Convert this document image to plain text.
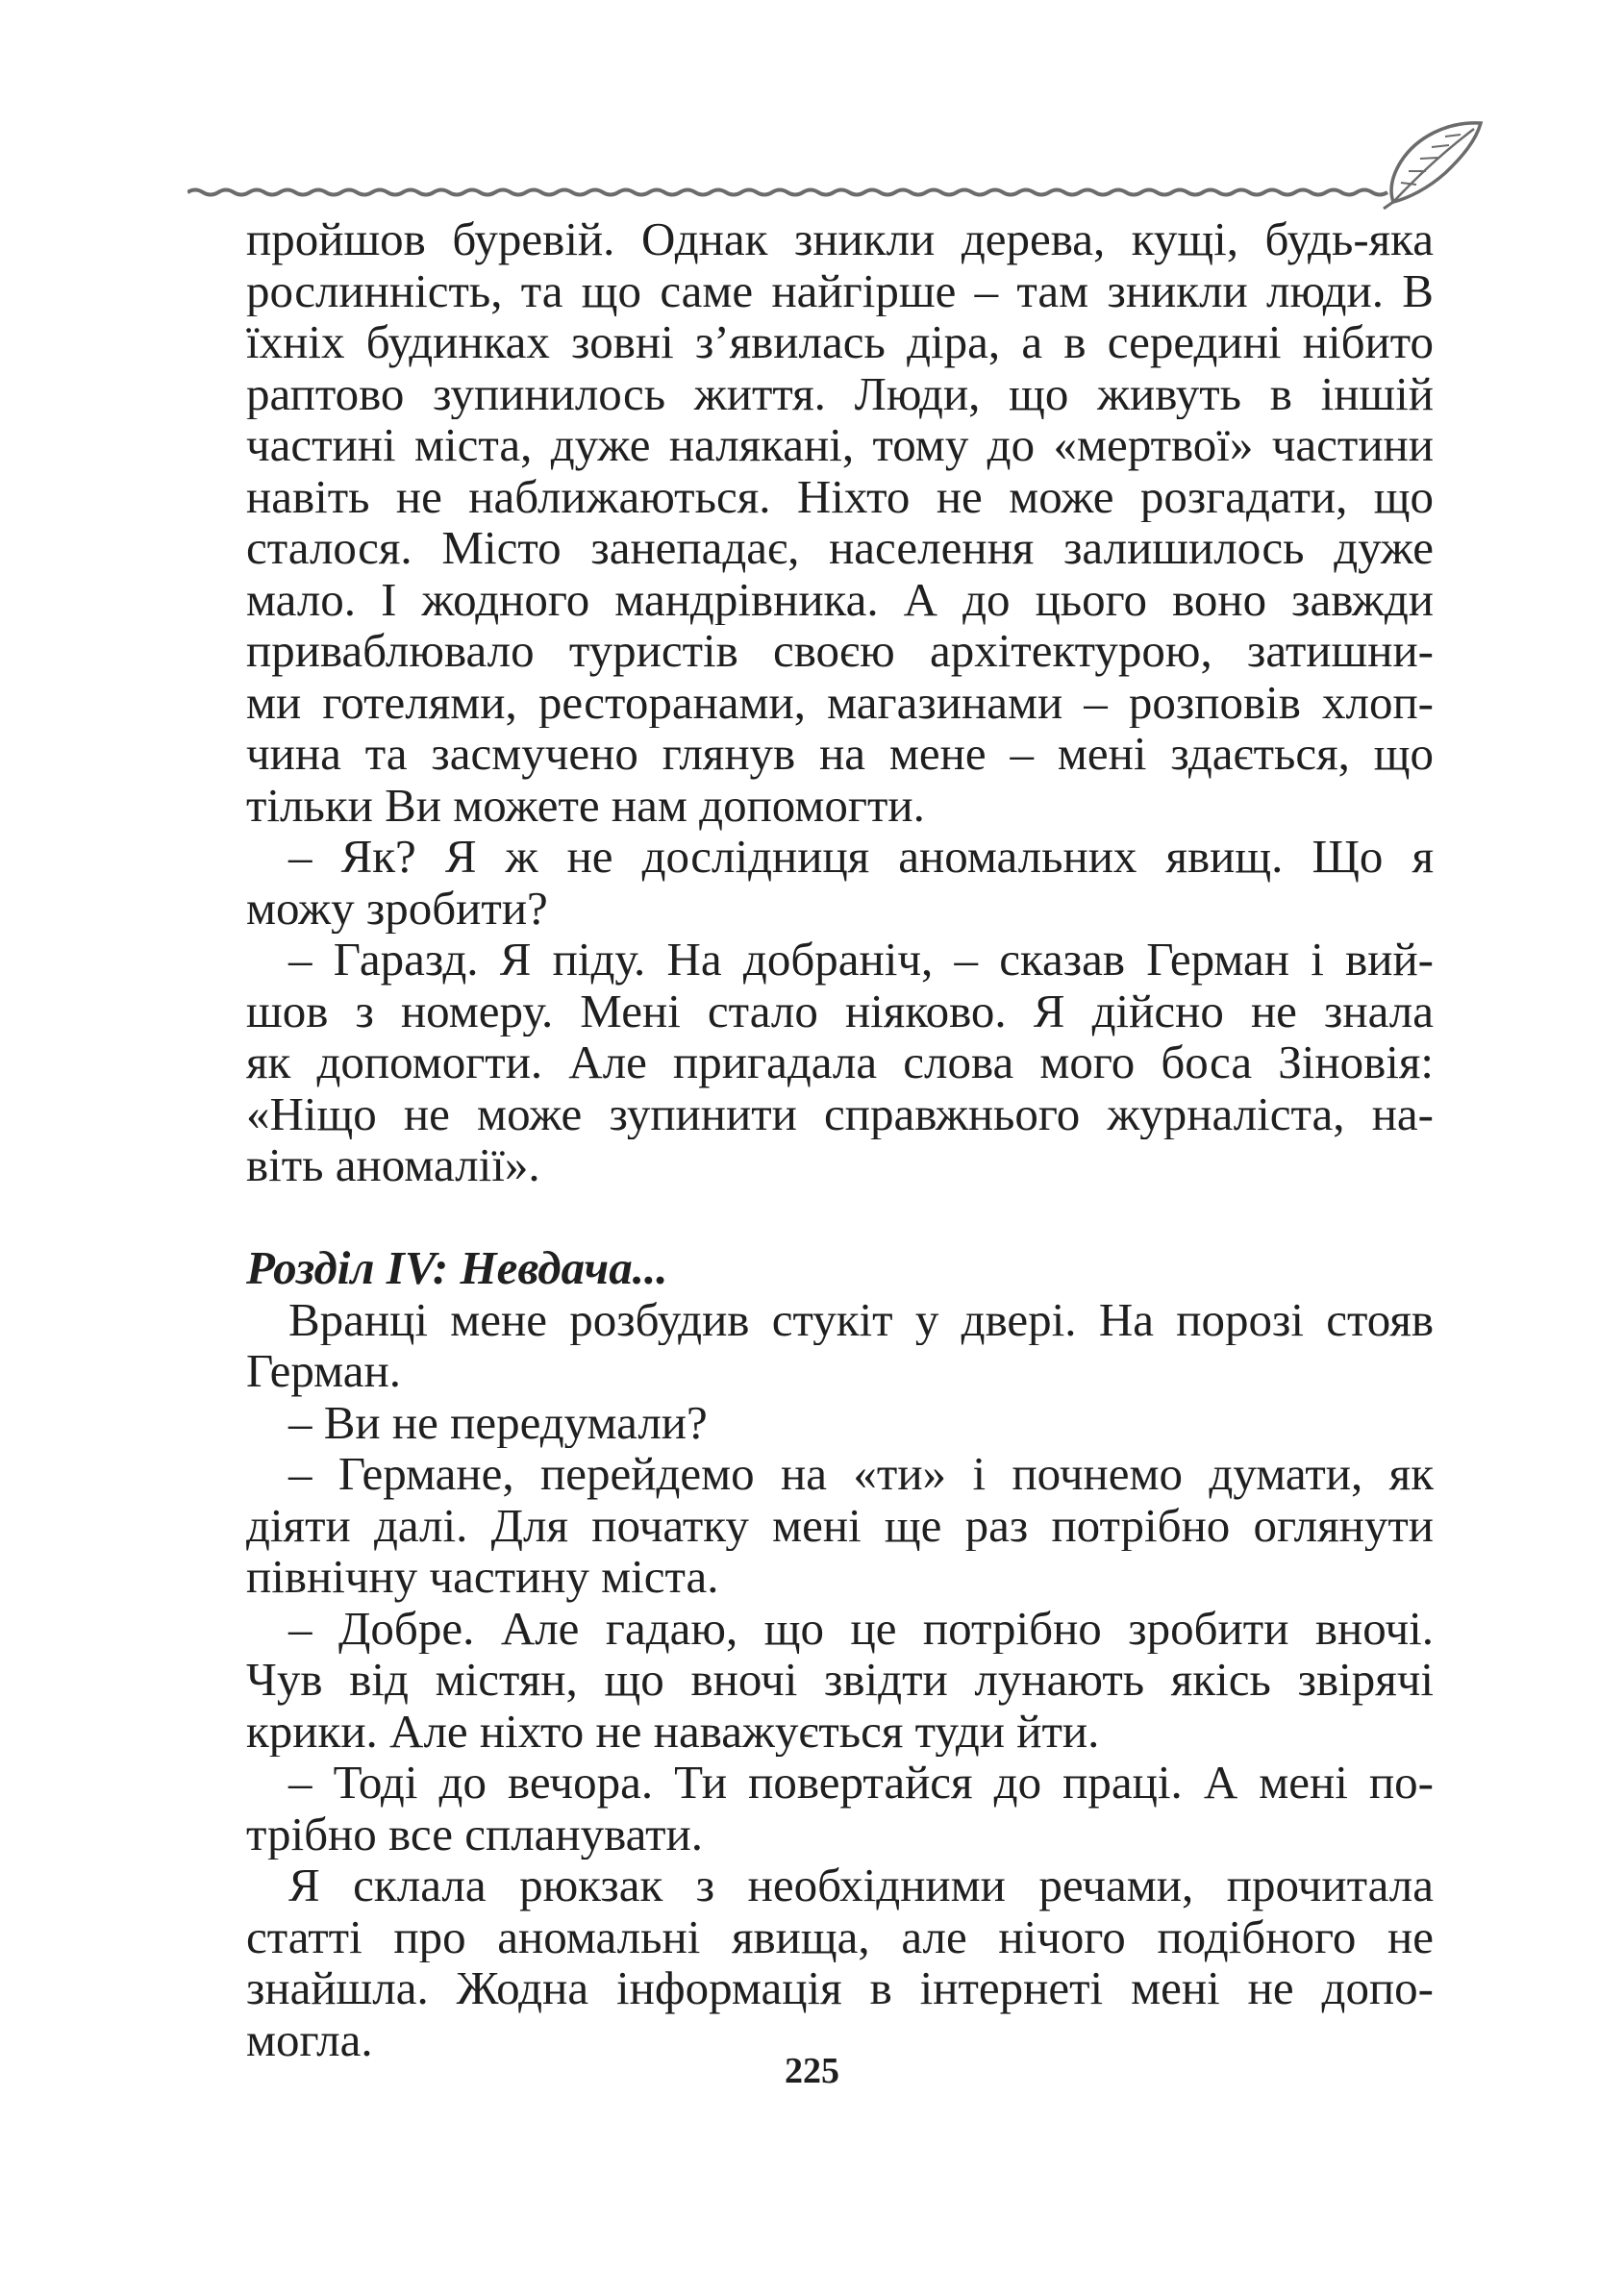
пройшов буревій. Однак зникли дерева, кущі, будь-яка
рослинність, та що саме найгірше – там зникли люди. В
їхніх будинках зовні з’явилась діра, а в середині нібито
раптово зупинилось життя. Люди, що живуть в іншій
частині міста, дуже налякані, тому до «мертвої» частини
навіть не наближаються. Ніхто не може розгадати, що
сталося. Місто занепадає, населення залишилось дуже
мало. І жодного мандрівника. А до цього воно завжди
приваблювало туристів своєю архітектурою, затишни-
ми готелями, ресторанами, магазинами – розповів хлоп-
чина та засмучено глянув на мене – мені здається, що
тільки Ви можете нам допомогти.
– Як? Я ж не дослідниця аномальних явищ. Що я
можу зробити?
– Гаразд. Я піду. На добраніч, – сказав Герман і вий-
шов з номеру. Мені стало ніяково. Я дійсно не знала
як допомогти. Але пригадала слова мого боса Зіновія:
«Ніщо не може зупинити справжнього журналіста, на-
віть аномалії».
Розділ IV: Невдача...
Вранці мене розбудив стукіт у двері. На порозі стояв
Герман.
– Ви не передумали?
– Германе, перейдемо на «ти» і почнемо думати, як
діяти далі. Для початку мені ще раз потрібно оглянути
північну частину міста.
– Добре. Але гадаю, що це потрібно зробити вночі.
Чув від містян, що вночі звідти лунають якісь звірячі
крики. Але ніхто не наважується туди йти.
– Тоді до вечора. Ти повертайся до праці. А мені по-
трібно все спланувати.
Я склала рюкзак з необхідними речами, прочитала
статті про аномальні явища, але нічого подібного не
знайшла. Жодна інформація в інтернеті мені не допо-
могла.
225
